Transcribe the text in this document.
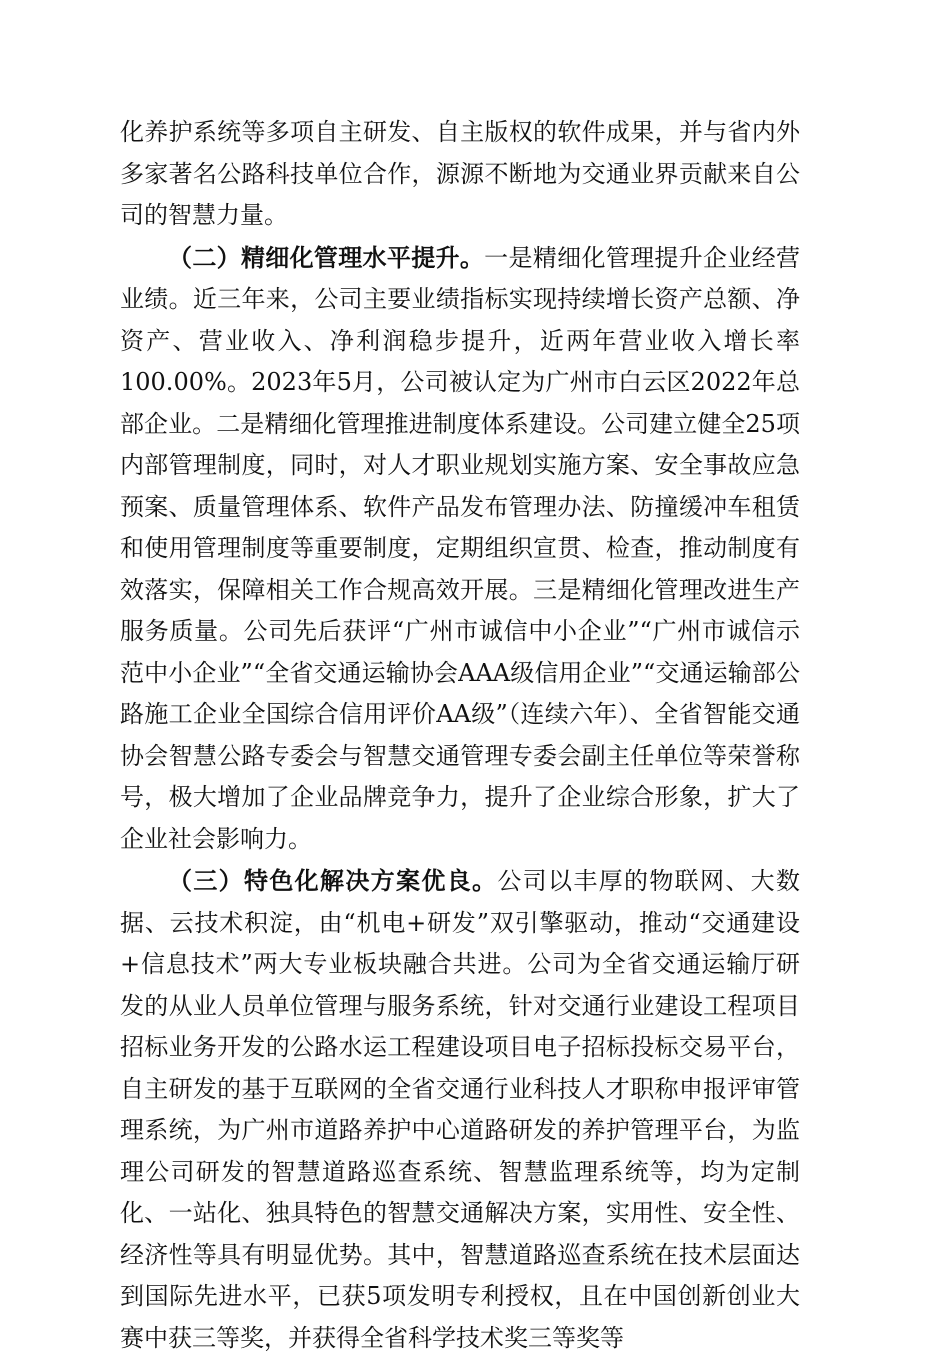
化养护系统等多项自主研发、自主版权的软件成果，并与省内外多家著名公路科技单位合作，源源不断地为交通业界贡献来自公司的智慧力量。

（二）精细化管理水平提升。一是精细化管理提升企业经营业绩。近三年来，公司主要业绩指标实现持续增长资产总额、净资产、营业收入、净利润稳步提升，近两年营业收入增长率100.00%。2023年5月，公司被认定为广州市白云区2022年总部企业。二是精细化管理推进制度体系建设。公司建立健全25项内部管理制度，同时，对人才职业规划实施方案、安全事故应急预案、质量管理体系、软件产品发布管理办法、防撞缓冲车租赁和使用管理制度等重要制度，定期组织宣贯、检查，推动制度有效落实，保障相关工作合规高效开展。三是精细化管理改进生产服务质量。公司先后获评“广州市诚信中小企业”“广州市诚信示范中小企业”“全省交通运输协会AAA级信用企业”“交通运输部公路施工企业全国综合信用评价AA级”（连续六年）、全省智能交通协会智慧公路专委会与智慧交通管理专委会副主任单位等荣誉称号，极大增加了企业品牌竞争力，提升了企业综合形象，扩大了企业社会影响力。

（三）特色化解决方案优良。公司以丰厚的物联网、大数据、云技术积淀，由“机电+研发”双引擎驱动，推动“交通建设+信息技术”两大专业板块融合共进。公司为全省交通运输厅研发的从业人员单位管理与服务系统，针对交通行业建设工程项目招标业务开发的公路水运工程建设项目电子招标投标交易平台，自主研发的基于互联网的全省交通行业科技人才职称申报评审管理系统，为广州市道路养护中心道路研发的养护管理平台，为监理公司研发的智慧道路巡查系统、智慧监理系统等，均为定制化、一站化、独具特色的智慧交通解决方案，实用性、安全性、经济性等具有明显优势。其中，智慧道路巡查系统在技术层面达到国际先进水平，已获5项发明专利授权，且在中国创新创业大赛中获三等奖，并获得全省科学技术奖三等奖等
